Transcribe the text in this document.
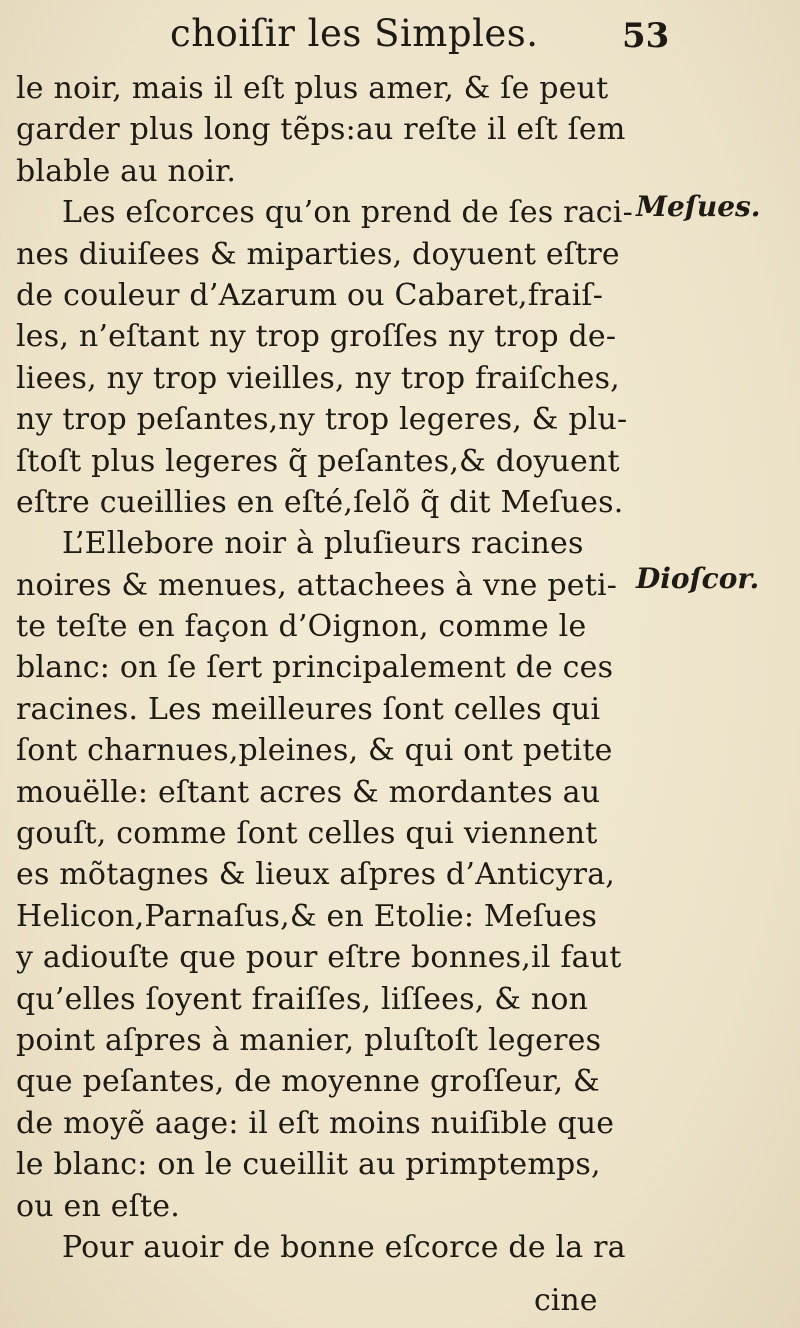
choiſir les Simples. 53
le noir, mais il eſt plus amer, & ſe peut
garder plus long tẽps:au reſte il eſt ſem
blable au noir.
Les eſcorces qu’on prend de ſes raci-
nes diuiſees & miparties, doyuent eſtre
de couleur d’Azarum ou Cabaret,fraiſ-
les, n’eſtant ny trop groſſes ny trop de-
liees, ny trop vieilles, ny trop fraiſches,
ny trop peſantes,ny trop legeres, & plu-
ſtoſt plus legeres q̃ peſantes,& doyuent
eſtre cueillies en eſté,ſelõ q̃ dit Meſues.
L’Ellebore noir à pluſieurs racines
noires & menues, attachees à vne peti-
te teſte en façon d’Oignon, comme le
blanc: on ſe ſert principalement de ces
racines. Les meilleures ſont celles qui
ſont charnues,pleines, & qui ont petite
mouëlle: eſtant acres & mordantes au
gouſt, comme ſont celles qui viennent
es mõtagnes & lieux aſpres d’Anticyra,
Helicon,Parnaſus,& en Etolie: Meſues
y adiouſte que pour eſtre bonnes,il faut
qu’elles ſoyent fraiſſes, liſſees, & non
point aſpres à manier, pluſtoſt legeres
que peſantes, de moyenne groſſeur, &
de moyẽ aage: il eſt moins nuiſible que
le blanc: on le cueillit au primptemps,
ou en eſte.
Pour auoir de bonne eſcorce de la ra
Meſues.
Dioſcor.
cine
